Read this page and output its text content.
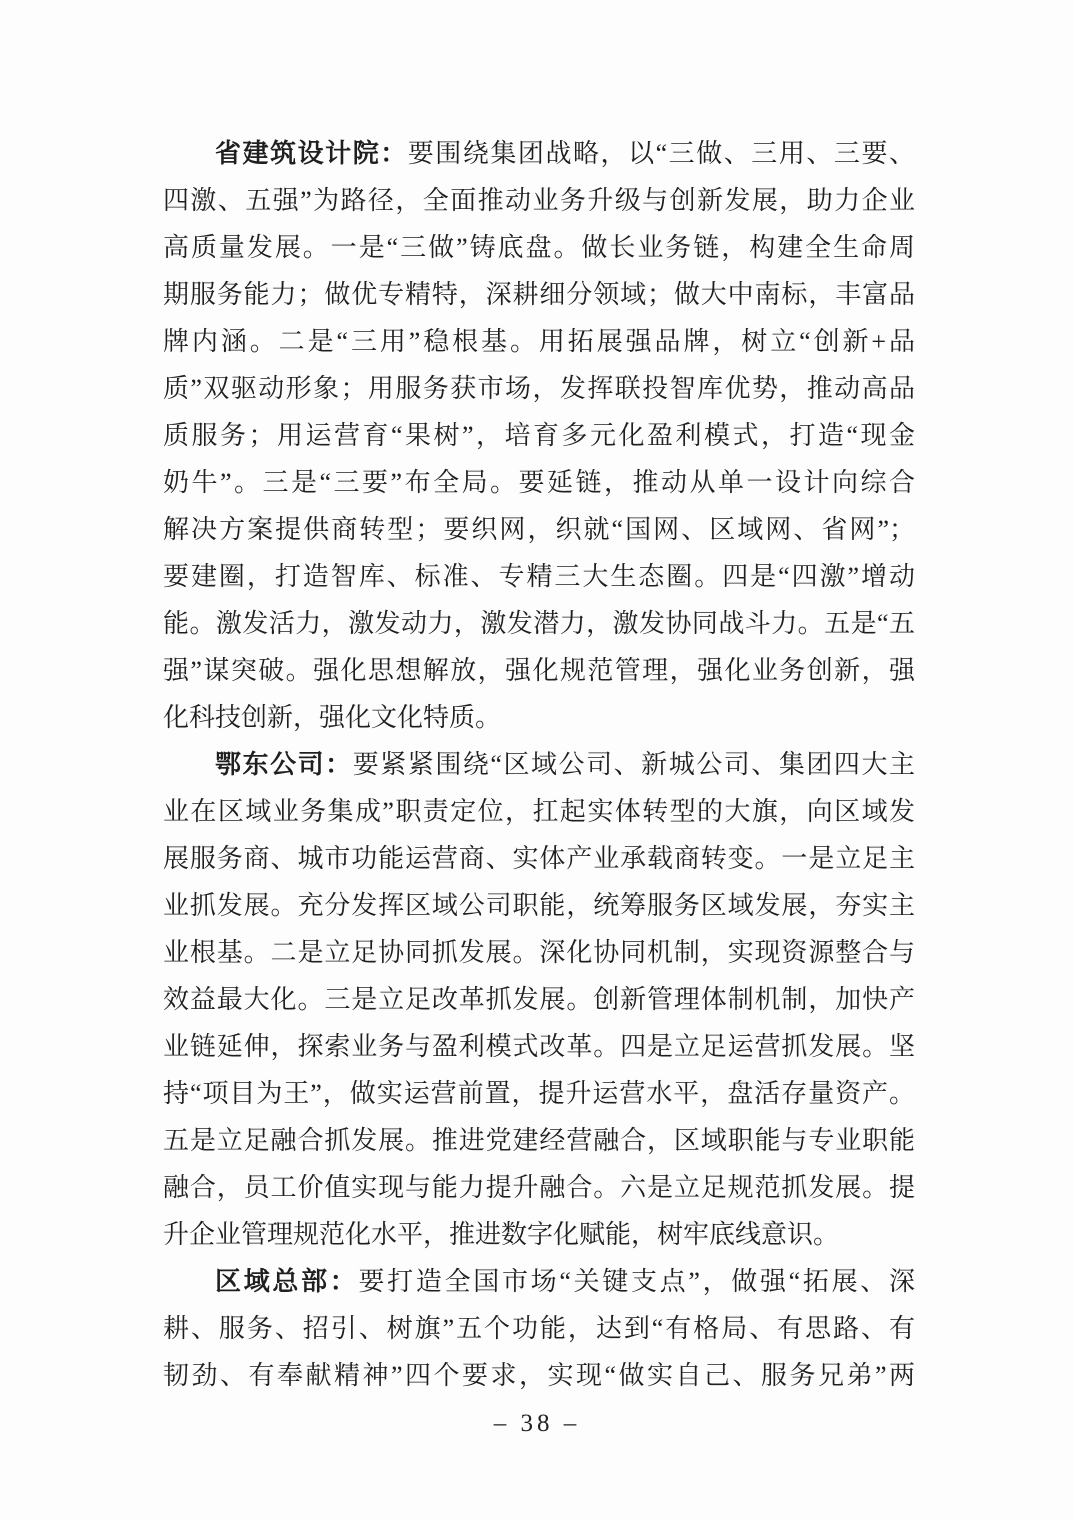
省建筑设计院：要围绕集团战略，以“三做、三用、三要、
四激、五强”为路径，全面推动业务升级与创新发展，助力企业
高质量发展。一是“三做”铸底盘。做长业务链，构建全生命周
期服务能力；做优专精特，深耕细分领域；做大中南标，丰富品
牌内涵。二是“三用”稳根基。用拓展强品牌，树立“创新+品
质”双驱动形象；用服务获市场，发挥联投智库优势，推动高品
质服务；用运营育“果树”，培育多元化盈利模式，打造“现金
奶牛”。三是“三要”布全局。要延链，推动从单一设计向综合
解决方案提供商转型；要织网，织就“国网、区域网、省网”；
要建圈，打造智库、标准、专精三大生态圈。四是“四激”增动
能。激发活力，激发动力，激发潜力，激发协同战斗力。五是“五
强”谋突破。强化思想解放，强化规范管理，强化业务创新，强
化科技创新，强化文化特质。
鄂东公司：要紧紧围绕“区域公司、新城公司、集团四大主
业在区域业务集成”职责定位，扛起实体转型的大旗，向区域发
展服务商、城市功能运营商、实体产业承载商转变。一是立足主
业抓发展。充分发挥区域公司职能，统筹服务区域发展，夯实主
业根基。二是立足协同抓发展。深化协同机制，实现资源整合与
效益最大化。三是立足改革抓发展。创新管理体制机制，加快产
业链延伸，探索业务与盈利模式改革。四是立足运营抓发展。坚
持“项目为王”，做实运营前置，提升运营水平，盘活存量资产。
五是立足融合抓发展。推进党建经营融合，区域职能与专业职能
融合，员工价值实现与能力提升融合。六是立足规范抓发展。提
升企业管理规范化水平，推进数字化赋能，树牢底线意识。
区域总部：要打造全国市场“关键支点”，做强“拓展、深
耕、服务、招引、树旗”五个功能，达到“有格局、有思路、有
韧劲、有奉献精神”四个要求，实现“做实自己、服务兄弟”两
– 38 –
